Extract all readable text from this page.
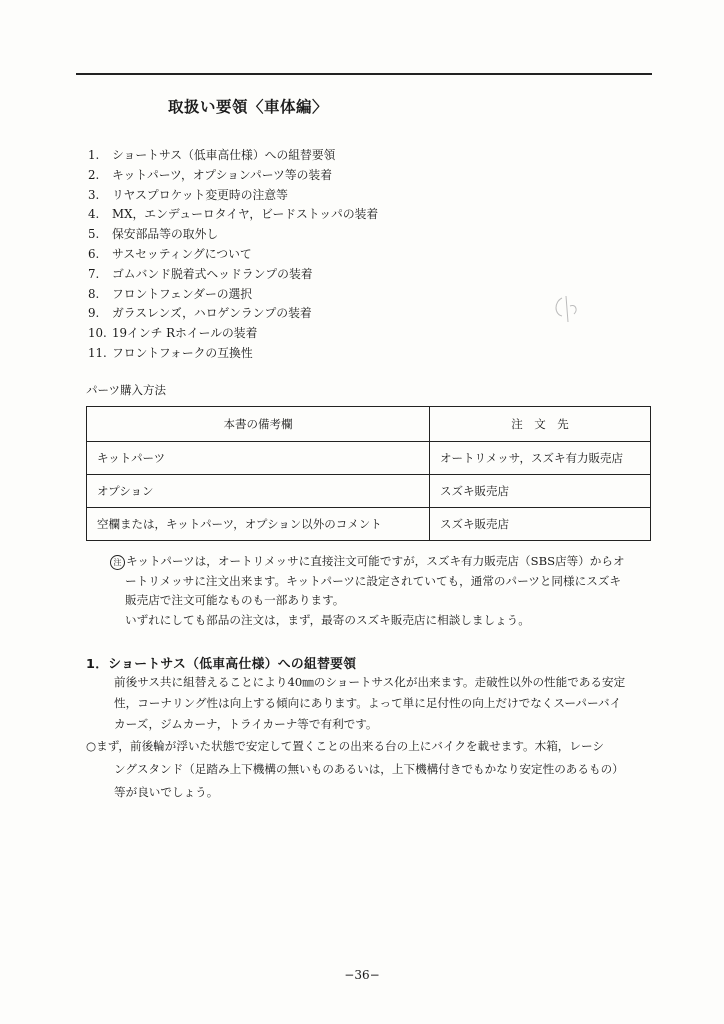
取扱い要領〈車体編〉
1. ショートサス（低車高仕様）への組替要領
2. キットパーツ，オプションパーツ等の装着
3. リヤスプロケット変更時の注意等
4. MX，エンデューロタイヤ，ビードストッパの装着
5. 保安部品等の取外し
6. サスセッティングについて
7. ゴムバンド脱着式ヘッドランプの装着
8. フロントフェンダーの選択
9. ガラスレンズ，ハロゲンランプの装着
10. 19インチ Rホイールの装着
11. フロントフォークの互換性
パーツ購入方法
本書の備考欄	注　文　先
キットパーツ	オートリメッサ，スズキ有力販売店
オプション	スズキ販売店
空欄または，キットパーツ，オプション以外のコメント	スズキ販売店

注 キットパーツは，オートリメッサに直接注文可能ですが，スズキ有力販売店（SBS店等）からオ

ートリメッサに注文出来ます。キットパーツに設定されていても，通常のパーツと同様にスズキ

販売店で注文可能なものも一部あります。

いずれにしても部品の注文は，まず，最寄のスズキ販売店に相談しましょう。

1．ショートサス（低車高仕様）への組替要領

前後サス共に組替えることにより40㎜のショートサス化が出来ます。走破性以外の性能である安定

性，コーナリング性は向上する傾向にあります。よって単に足付性の向上だけでなくスーパーバイ

カーズ，ジムカーナ，トライカーナ等で有利です。

○まず，前後輪が浮いた状態で安定して置くことの出来る台の上にバイクを載せます。木箱，レーシ

ングスタンド（足踏み上下機構の無いものあるいは，上下機構付きでもかなり安定性のあるもの）

等が良いでしょう。

−36−
